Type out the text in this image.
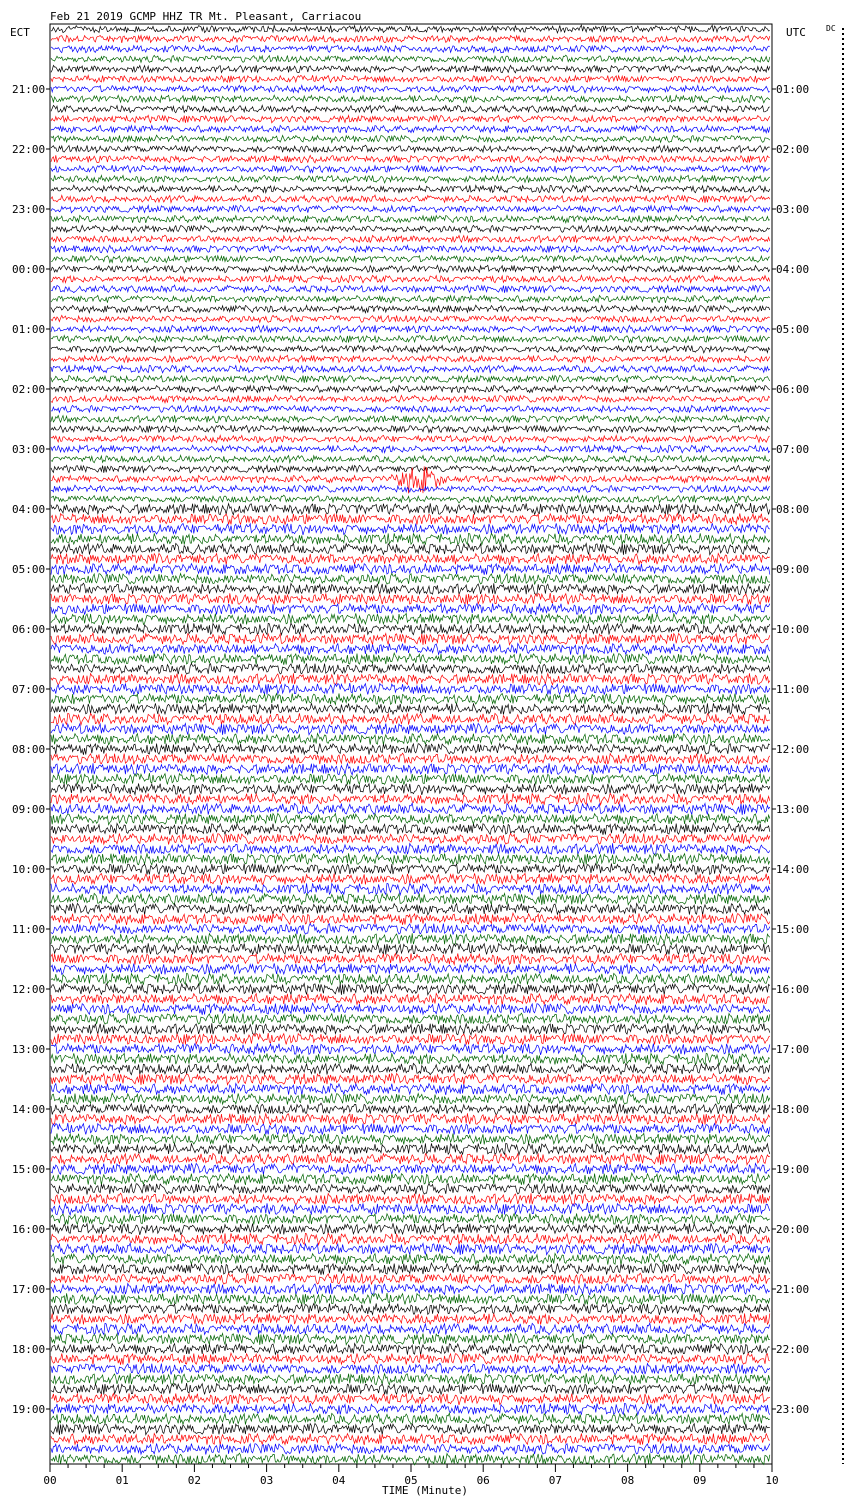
Feb 21 2019 GCMP HHZ TR Mt. Pleasant, Carriacou
ECT	UTC	DC
21:00
22:00
23:00
00:00
01:00
02:00
03:00
04:00
05:00
06:00
07:00
08:00
09:00
10:00
11:00
12:00
13:00
14:00
15:00
16:00
17:00
18:00
19:00
01:00
02:00
03:00
04:00
05:00
06:00
07:00
08:00
09:00
10:00
11:00
12:00
13:00
14:00
15:00
16:00
17:00
18:00
19:00
20:00
21:00
22:00
23:00
00	01	02	03	04	05	06	07	08	09	10
TIME (Minute)
